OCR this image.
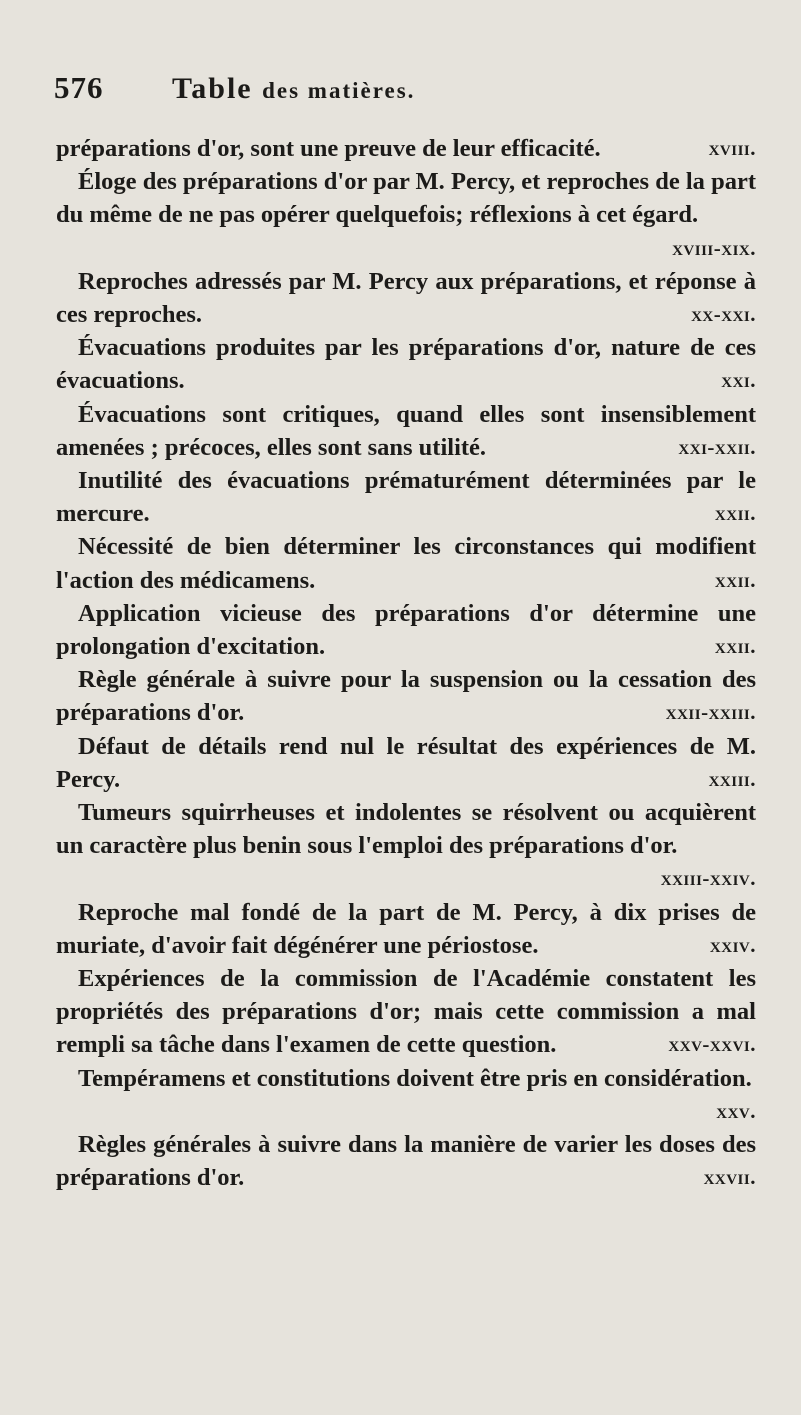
576	Table des matières.

préparations d'or, sont une preuve de leur efficacité.	xviii.

Éloge des préparations d'or par M. Percy, et reproches de la part du même de ne pas opérer quelquefois; réflexions à cet égard.
xviii-xix.

Reproches adressés par M. Percy aux préparations, et réponse à ces reproches.	xx-xxi.

Évacuations produites par les préparations d'or, nature de ces évacuations.	xxi.

Évacuations sont critiques, quand elles sont insensiblement amenées ; précoces, elles sont sans utilité.	xxi-xxii.

Inutilité des évacuations prématurément déterminées par le mercure.	xxii.

Nécessité de bien déterminer les circonstances qui modifient l'action des médicamens.	xxii.

Application vicieuse des préparations d'or détermine une prolongation d'excitation.	xxii.

Règle générale à suivre pour la suspension ou la cessation des préparations d'or.	xxii-xxiii.

Défaut de détails rend nul le résultat des expériences de M. Percy.	xxiii.

Tumeurs squirrheuses et indolentes se résolvent ou acquièrent un caractère plus benin sous l'emploi des préparations d'or.
xxiii-xxiv.

Reproche mal fondé de la part de M. Percy, à dix prises de muriate, d'avoir fait dégénérer une périostose.	xxiv.

Expériences de la commission de l'Académie constatent les propriétés des préparations d'or; mais cette commission a mal rempli sa tâche dans l'examen de cette question.	xxv-xxvi.

Tempéramens et constitutions doivent être pris en considération.
xxv.

Règles générales à suivre dans la manière de varier les doses des préparations d'or.	xxvii.
